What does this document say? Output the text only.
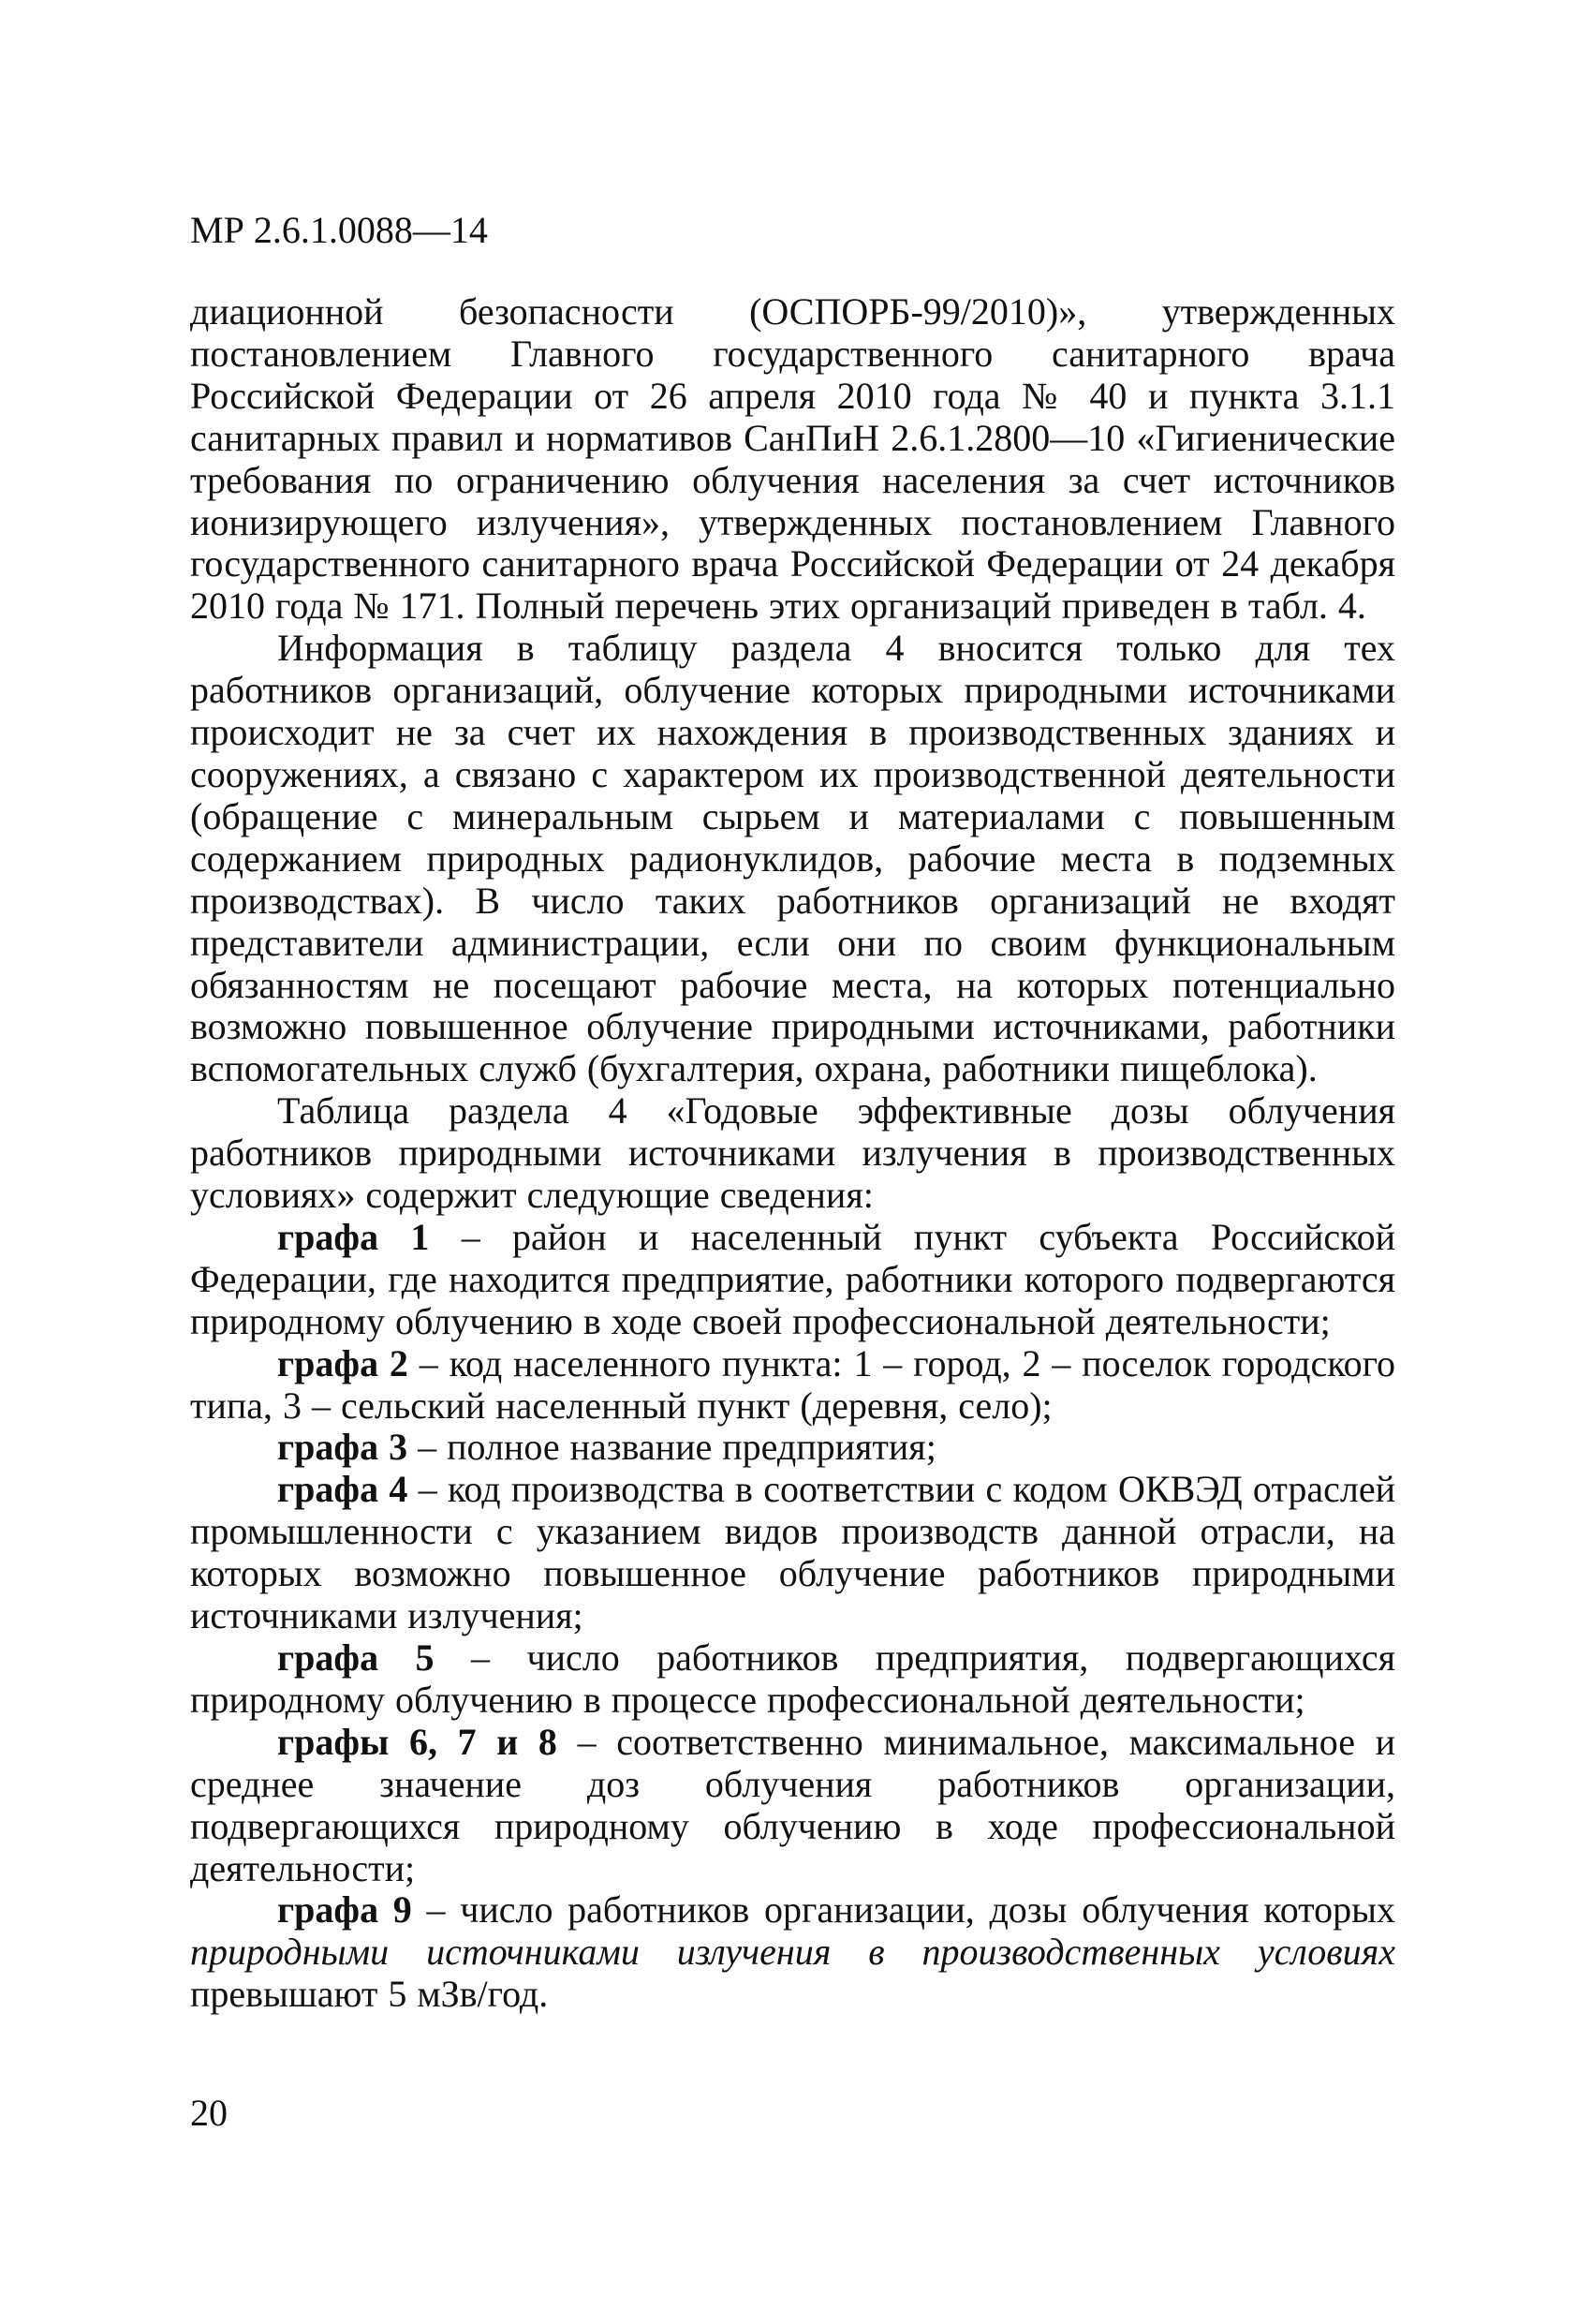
МР 2.6.1.0088—14

диационной безопасности (ОСПОРБ-99/2010)», утвержденных постановлением Главного государственного санитарного врача Российской Федерации от 26 апреля 2010 года № 40 и пункта 3.1.1 санитарных правил и нормативов СанПиН 2.6.1.2800—10 «Гигиенические требования по ограничению облучения населения за счет источников ионизирующего излучения», утвержденных постановлением Главного государственного санитарного врача Российской Федерации от 24 декабря 2010 года № 171. Полный перечень этих организаций приведен в табл. 4.

Информация в таблицу раздела 4 вносится только для тех работников организаций, облучение которых природными источниками происходит не за счет их нахождения в производственных зданиях и сооружениях, а связано с характером их производственной деятельности (обращение с минеральным сырьем и материалами с повышенным содержанием природных радионуклидов, рабочие места в подземных производствах). В число таких работников организаций не входят представители администрации, если они по своим функциональным обязанностям не посещают рабочие места, на которых потенциально возможно повышенное облучение природными источниками, работники вспомогательных служб (бухгалтерия, охрана, работники пищеблока).

Таблица раздела 4 «Годовые эффективные дозы облучения работников природными источниками излучения в производственных условиях» содержит следующие сведения:

графа 1 – район и населенный пункт субъекта Российской Федерации, где находится предприятие, работники которого подвергаются природному облучению в ходе своей профессиональной деятельности;

графа 2 – код населенного пункта: 1 – город, 2 – поселок городского типа, 3 – сельский населенный пункт (деревня, село);

графа 3 – полное название предприятия;

графа 4 – код производства в соответствии с кодом ОКВЭД отраслей промышленности с указанием видов производств данной отрасли, на которых возможно повышенное облучение работников природными источниками излучения;

графа 5 – число работников предприятия, подвергающихся природному облучению в процессе профессиональной деятельности;

графы 6, 7 и 8 – соответственно минимальное, максимальное и среднее значение доз облучения работников организации, подвергающихся природному облучению в ходе профессиональной деятельности;

графа 9 – число работников организации, дозы облучения которых природными источниками излучения в производственных условиях превышают 5 мЗв/год.

20
